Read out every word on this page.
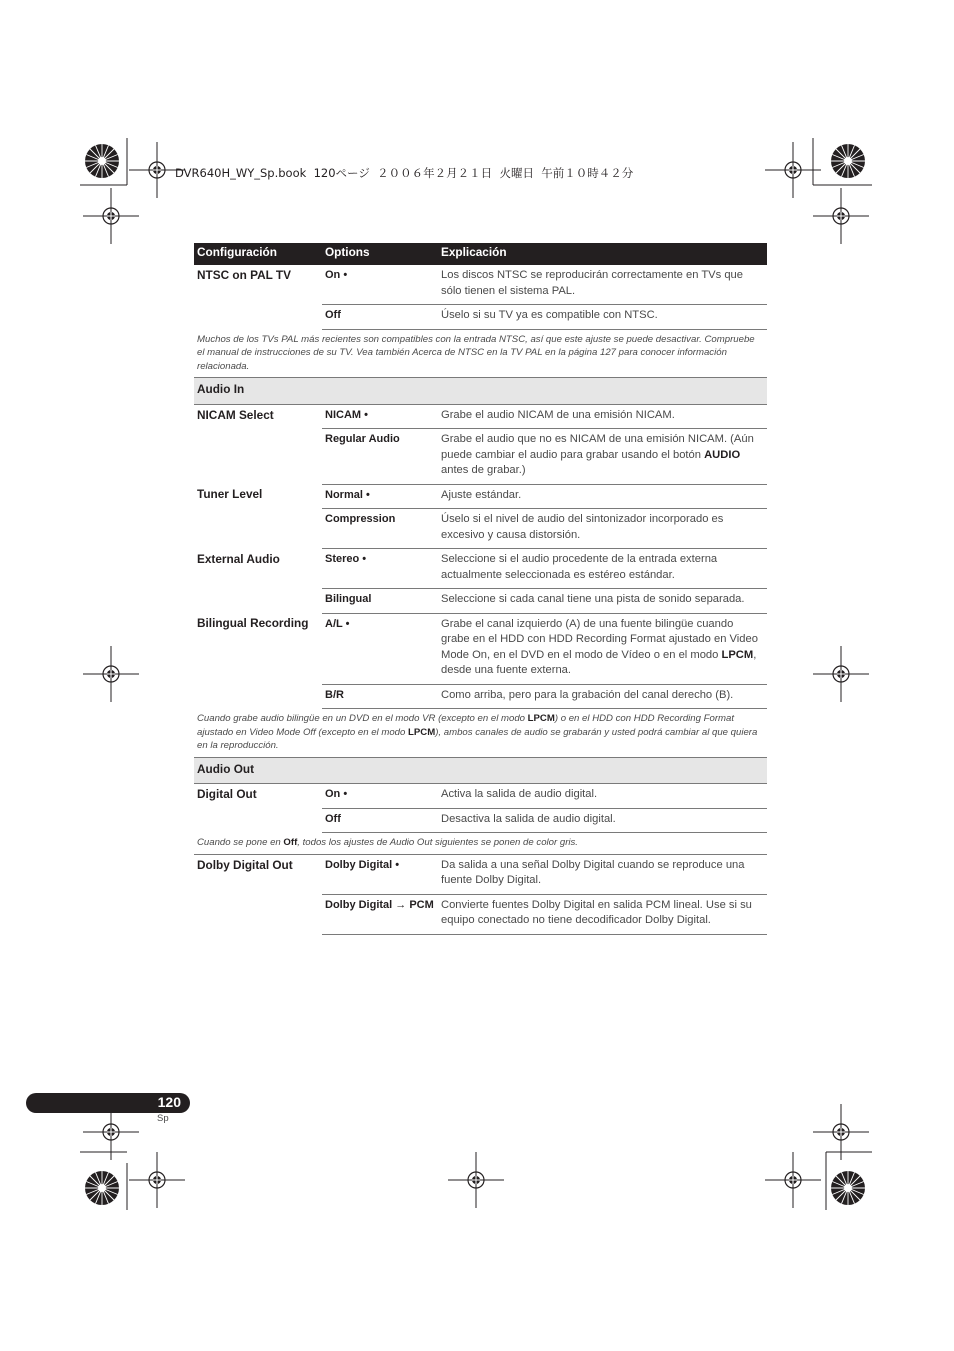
DVR640H_WY_Sp.book  120ページ  ２００６年２月２１日  火曜日  午前１０時４２分
Configuración	Options	Explicación
NTSC on PAL TV	On •	Los discos NTSC se reproducirán correctamente en TVs que sólo tienen el sistema PAL.
	Off	Úselo si su TV ya es compatible con NTSC.
Muchos de los TVs PAL más recientes son compatibles con la entrada NTSC, así que este ajuste se puede desactivar. Compruebe el manual de instrucciones de su TV. Vea también Acerca de NTSC en la TV PAL en la página 127 para conocer información relacionada.		
Audio In		
NICAM Select	NICAM •	Grabe el audio NICAM de una emisión NICAM.
	Regular Audio	Grabe el audio que no es NICAM de una emisión NICAM. (Aún puede cambiar el audio para grabar usando el botón AUDIO antes de grabar.)
Tuner Level	Normal •	Ajuste estándar.
	Compression	Úselo si el nivel de audio del sintonizador incorporado es excesivo y causa distorsión.
External Audio	Stereo •	Seleccione si el audio procedente de la entrada externa actualmente seleccionada es estéreo estándar.
	Bilingual	Seleccione si cada canal tiene una pista de sonido separada.
Bilingual Recording	A/L •	Grabe el canal izquierdo (A) de una fuente bilingüe cuando grabe en el HDD con HDD Recording Format ajustado en Video Mode On, en el DVD en el modo de Vídeo o en el modo LPCM, desde una fuente externa.
	B/R	Como arriba, pero para la grabación del canal derecho (B).
Cuando grabe audio bilingüe en un DVD en el modo VR (excepto en el modo LPCM) o en el HDD con HDD Recording Format ajustado en Video Mode Off (excepto en el modo LPCM), ambos canales de audio se grabarán y usted podrá cambiar al que quiera en la reproducción.		
Audio Out		
Digital Out	On •	Activa la salida de audio digital.
	Off	Desactiva la salida de audio digital.
Cuando se pone en Off, todos los ajustes de Audio Out siguientes se ponen de color gris.		
Dolby Digital Out	Dolby Digital •	Da salida a una señal Dolby Digital cuando se reproduce una fuente Dolby Digital.
	Dolby Digital → PCM	Convierte fuentes Dolby Digital en salida PCM lineal. Use si su equipo conectado no tiene decodificador Dolby Digital.
120
Sp
